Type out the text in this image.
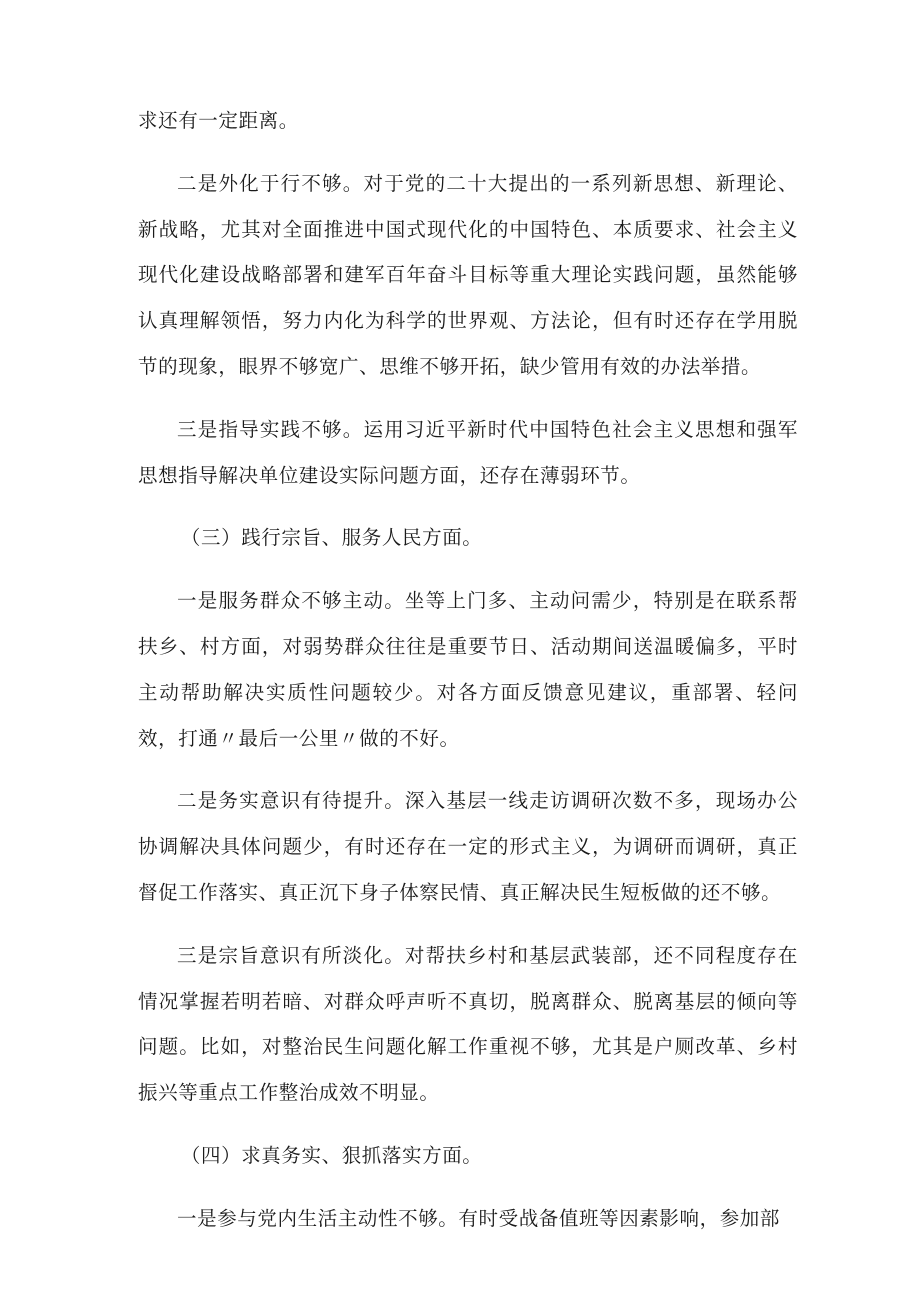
求还有一定距离。

二是外化于行不够。对于党的二十大提出的一系列新思想、新理论、新战略，尤其对全面推进中国式现代化的中国特色、本质要求、社会主义现代化建设战略部署和建军百年奋斗目标等重大理论实践问题，虽然能够认真理解领悟，努力内化为科学的世界观、方法论，但有时还存在学用脱节的现象，眼界不够宽广、思维不够开拓，缺少管用有效的办法举措。

三是指导实践不够。运用习近平新时代中国特色社会主义思想和强军思想指导解决单位建设实际问题方面，还存在薄弱环节。

（三）践行宗旨、服务人民方面。

一是服务群众不够主动。坐等上门多、主动问需少，特别是在联系帮扶乡、村方面，对弱势群众往往是重要节日、活动期间送温暖偏多，平时主动帮助解决实质性问题较少。对各方面反馈意见建议，重部署、轻问效，打通〃最后一公里〃做的不好。

二是务实意识有待提升。深入基层一线走访调研次数不多，现场办公协调解决具体问题少，有时还存在一定的形式主义，为调研而调研，真正督促工作落实、真正沉下身子体察民情、真正解决民生短板做的还不够。

三是宗旨意识有所淡化。对帮扶乡村和基层武装部，还不同程度存在情况掌握若明若暗、对群众呼声听不真切，脱离群众、脱离基层的倾向等问题。比如，对整治民生问题化解工作重视不够，尤其是户厕改革、乡村振兴等重点工作整治成效不明显。

（四）求真务实、狠抓落实方面。

一是参与党内生活主动性不够。有时受战备值班等因素影响，参加部
